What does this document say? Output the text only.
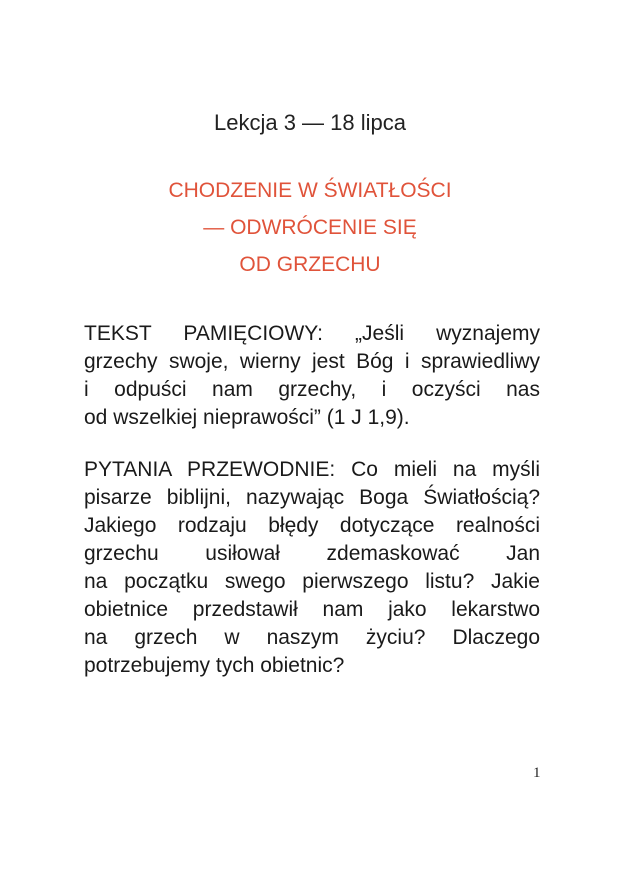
Lekcja 3 — 18 lipca
CHODZENIE W ŚWIATŁOŚCI
— ODWRÓCENIE SIĘ
OD GRZECHU
TEKST PAMIĘCIOWY: „Jeśli wyznajemy
grzechy swoje, wierny jest Bóg i sprawiedliwy
i odpuści nam grzechy, i oczyści nas
od wszelkiej nieprawości” (1 J 1,9).
PYTANIA PRZEWODNIE: Co mieli na myśli
pisarze biblijni, nazywając Boga Światłością?
Jakiego rodzaju błędy dotyczące realności
grzechu usiłował zdemaskować Jan
na początku swego pierwszego listu? Jakie
obietnice przedstawił nam jako lekarstwo
na grzech w naszym życiu? Dlaczego
potrzebujemy tych obietnic?
1
